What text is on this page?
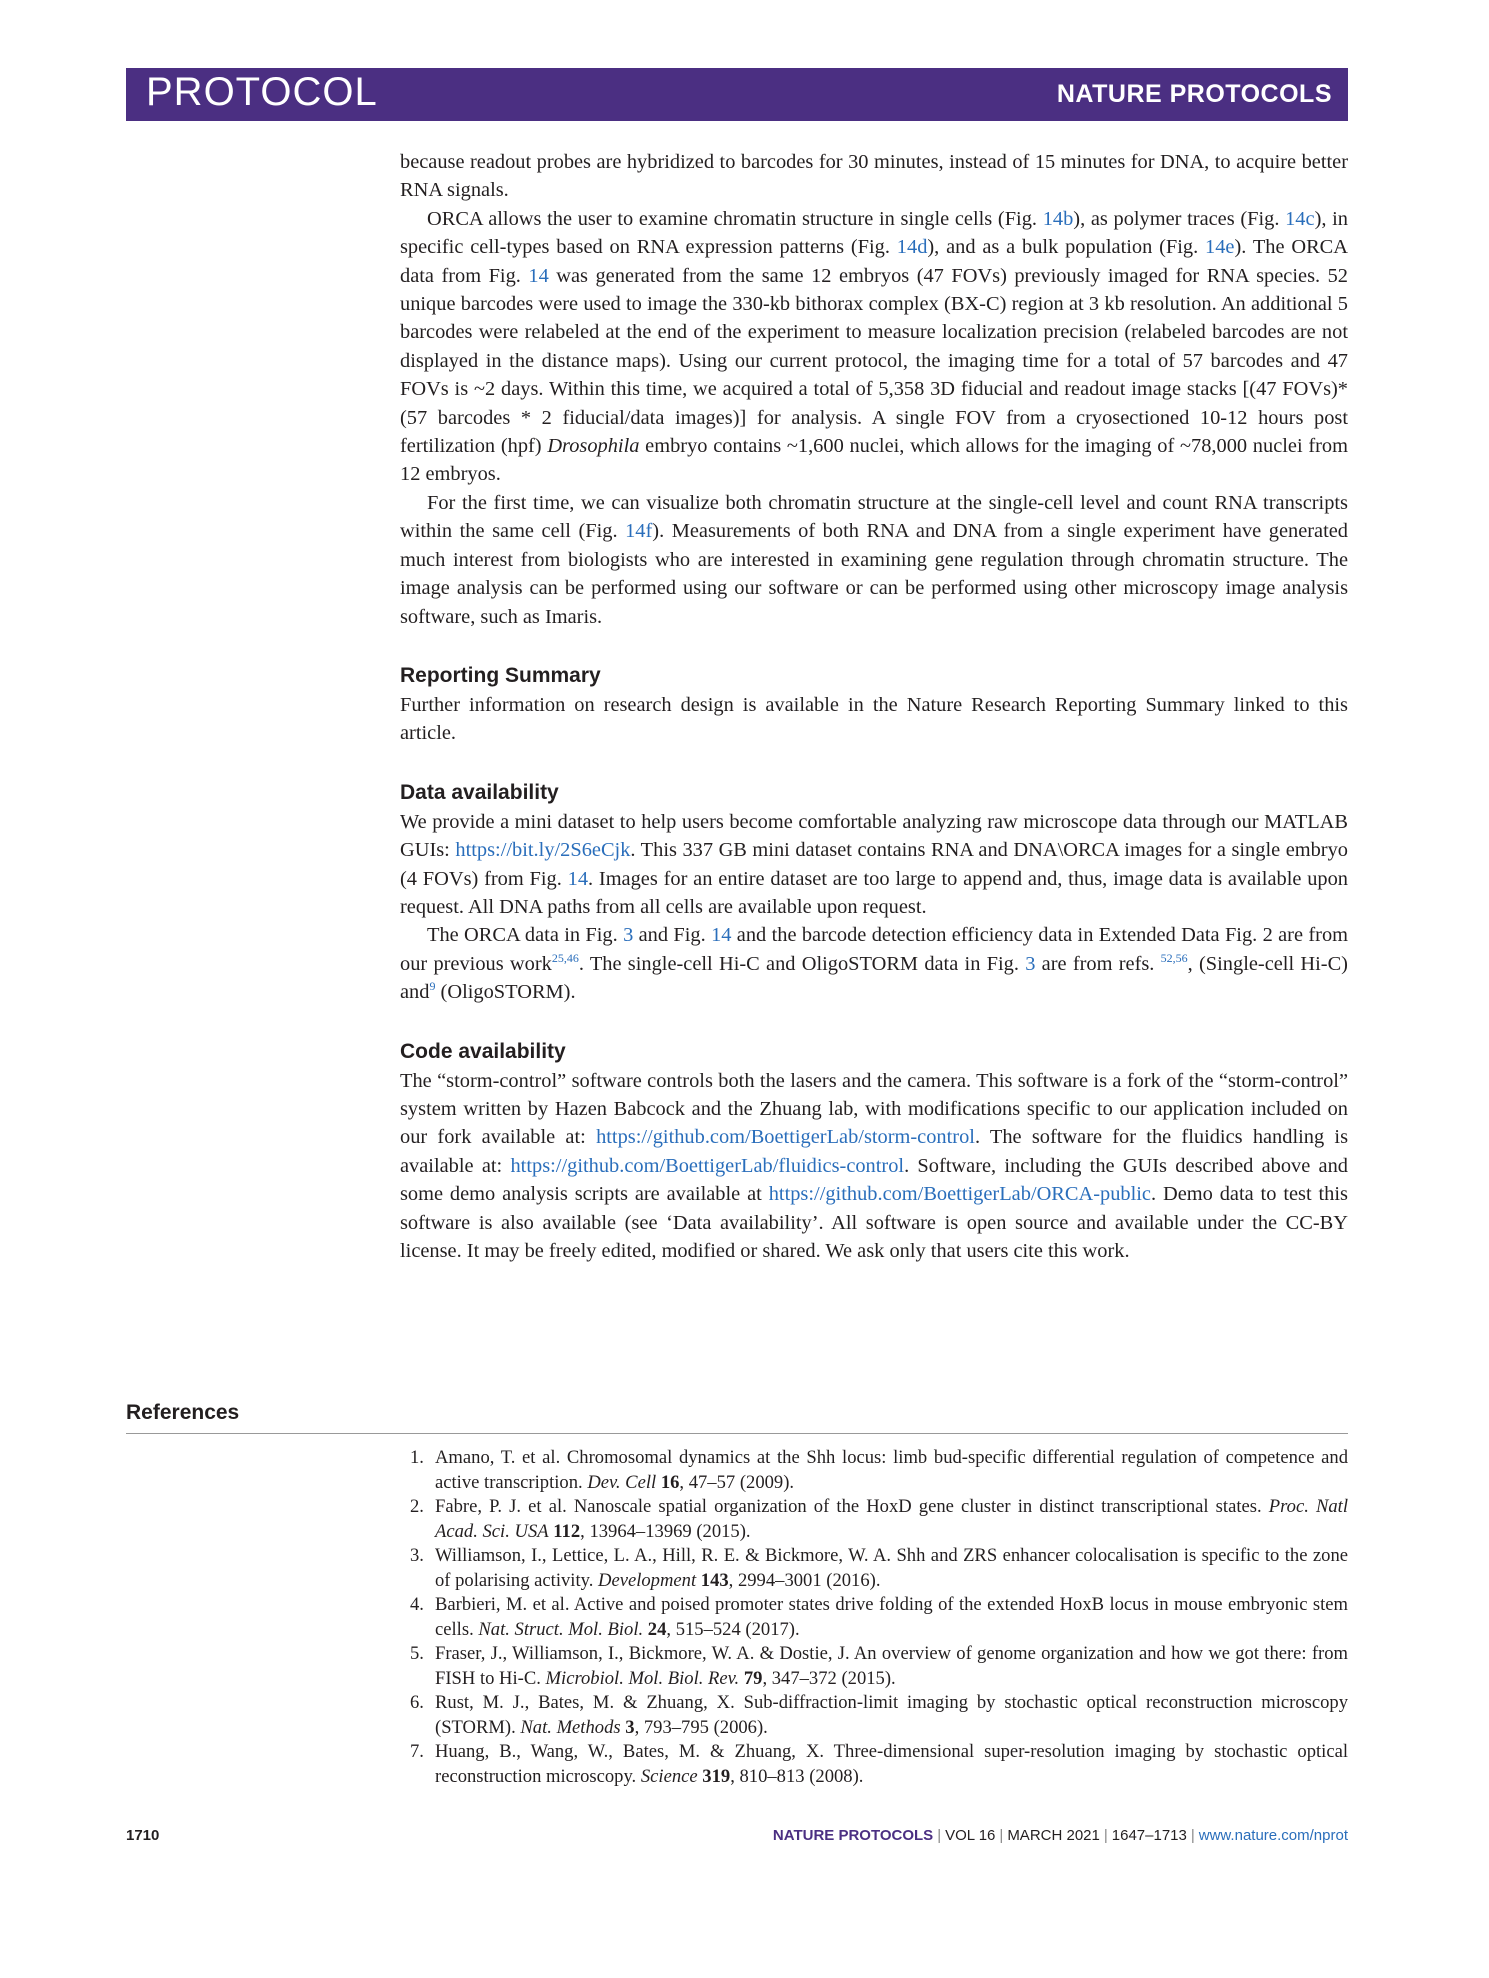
PROTOCOL	NATURE PROTOCOLS

because readout probes are hybridized to barcodes for 30 minutes, instead of 15 minutes for DNA, to acquire better RNA signals.

ORCA allows the user to examine chromatin structure in single cells (Fig. 14b), as polymer traces (Fig. 14c), in specific cell-types based on RNA expression patterns (Fig. 14d), and as a bulk population (Fig. 14e). The ORCA data from Fig. 14 was generated from the same 12 embryos (47 FOVs) previously imaged for RNA species. 52 unique barcodes were used to image the 330-kb bithorax complex (BX-C) region at 3 kb resolution. An additional 5 barcodes were relabeled at the end of the experiment to measure localization precision (relabeled barcodes are not displayed in the distance maps). Using our current protocol, the imaging time for a total of 57 barcodes and 47 FOVs is ~2 days. Within this time, we acquired a total of 5,358 3D fiducial and readout image stacks [(47 FOVs)*(57 barcodes * 2 fiducial/data images)] for analysis. A single FOV from a cryosectioned 10-12 hours post fertilization (hpf) Drosophila embryo contains ~1,600 nuclei, which allows for the imaging of ~78,000 nuclei from 12 embryos.

For the first time, we can visualize both chromatin structure at the single-cell level and count RNA transcripts within the same cell (Fig. 14f). Measurements of both RNA and DNA from a single experiment have generated much interest from biologists who are interested in examining gene regulation through chromatin structure. The image analysis can be performed using our software or can be performed using other microscopy image analysis software, such as Imaris.

Reporting Summary

Further information on research design is available in the Nature Research Reporting Summary linked to this article.

Data availability

We provide a mini dataset to help users become comfortable analyzing raw microscope data through our MATLAB GUIs: https://bit.ly/2S6eCjk. This 337 GB mini dataset contains RNA and DNA\ORCA images for a single embryo (4 FOVs) from Fig. 14. Images for an entire dataset are too large to append and, thus, image data is available upon request. All DNA paths from all cells are available upon request.

The ORCA data in Fig. 3 and Fig. 14 and the barcode detection efficiency data in Extended Data Fig. 2 are from our previous work$^{25,46}$. The single-cell Hi-C and OligoSTORM data in Fig. 3 are from refs. $^{52,56}$, (Single-cell Hi-C) and$^9$ (OligoSTORM).

Code availability

The “storm-control” software controls both the lasers and the camera. This software is a fork of the “storm-control” system written by Hazen Babcock and the Zhuang lab, with modifications specific to our application included on our fork available at: https://github.com/BoettigerLab/storm-control. The software for the fluidics handling is available at: https://github.com/BoettigerLab/fluidics-control. Software, including the GUIs described above and some demo analysis scripts are available at https://github.com/BoettigerLab/ORCA-public. Demo data to test this software is also available (see ‘Data availability’. All software is open source and available under the CC-BY license. It may be freely edited, modified or shared. We ask only that users cite this work.

References
1. Amano, T. et al. Chromosomal dynamics at the Shh locus: limb bud-specific differential regulation of competence and active transcription. Dev. Cell 16, 47–57 (2009).
2. Fabre, P. J. et al. Nanoscale spatial organization of the HoxD gene cluster in distinct transcriptional states. Proc. Natl Acad. Sci. USA 112, 13964–13969 (2015).
3. Williamson, I., Lettice, L. A., Hill, R. E. & Bickmore, W. A. Shh and ZRS enhancer colocalisation is specific to the zone of polarising activity. Development 143, 2994–3001 (2016).
4. Barbieri, M. et al. Active and poised promoter states drive folding of the extended HoxB locus in mouse embryonic stem cells. Nat. Struct. Mol. Biol. 24, 515–524 (2017).
5. Fraser, J., Williamson, I., Bickmore, W. A. & Dostie, J. An overview of genome organization and how we got there: from FISH to Hi-C. Microbiol. Mol. Biol. Rev. 79, 347–372 (2015).
6. Rust, M. J., Bates, M. & Zhuang, X. Sub-diffraction-limit imaging by stochastic optical reconstruction microscopy (STORM). Nat. Methods 3, 793–795 (2006).
7. Huang, B., Wang, W., Bates, M. & Zhuang, X. Three-dimensional super-resolution imaging by stochastic optical reconstruction microscopy. Science 319, 810–813 (2008).
1710	NATURE PROTOCOLS | VOL 16 | MARCH 2021 | 1647–1713 | www.nature.com/nprot
